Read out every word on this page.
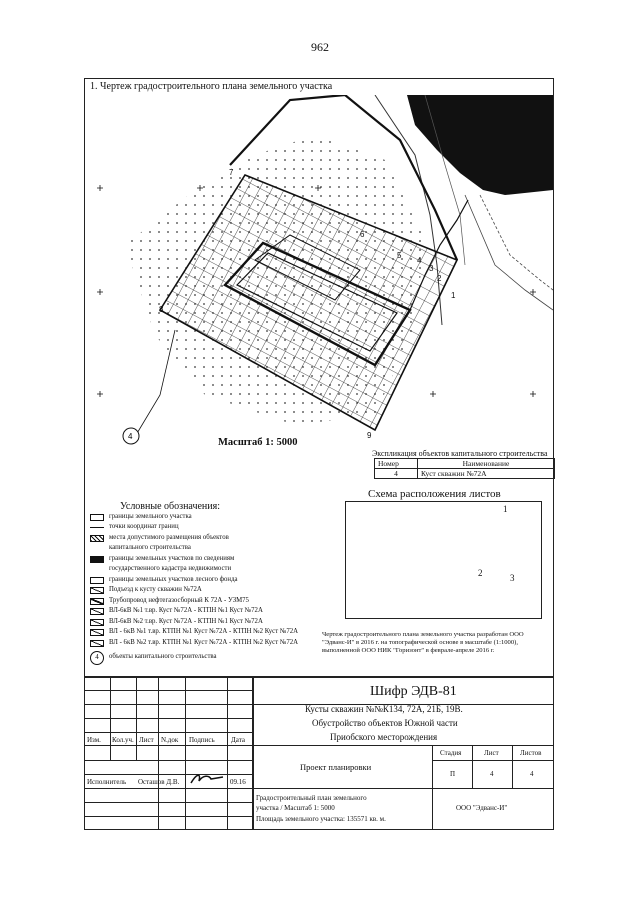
962
1. Чертеж градостроительного плана земельного участка
1
2
3
4
5
6
7
8
9
4
Масштаб 1: 5000
Экспликация объектов капитального строительства
Номер	Наименование
4	Куст скважин №72А
Условные обозначения:
границы земельного участка
точки координат границ
места допустимого размещения объектов
капитального строительства
границы земельных участков по сведениям
государственного кадастра недвижимости
границы земельных участков лесного фонда
Подъезд к кусту скважин №72А
Трубопровод нефтегазосборный К 72А - УЗМ75
ВЛ-6кВ №1 т.вр. Куст №72А - КТПН №1 Куст №72А
ВЛ-6кВ №2 т.вр. Куст №72А - КТПН №1 Куст №72А
ВЛ - 6кВ №1 т.вр. КТПН №1 Куст №72А - КТПН №2 Куст №72А
ВЛ - 6кВ №2 т.вр. КТПН №1 Куст №72А - КТПН №2 Куст №72А
4	объекты капитального строительства
Схема расположения листов
1
2	3
Чертеж градостроительного плана земельного участка разработан ООО "Эдванс-И" в 2016 г. на топографической основе в масштабе (1:1000), выполненной ООО НИК "Горизонт" в феврале-апреле 2016 г.
Изм. Кол.уч. Лист N.док Подпись Дата
Исполнитель Осташов Д.В.	09.16
Шифр ЭДВ-81
Кусты скважин №№К134, 72А, 21Б, 19В.
Обустройство объектов Южной части
Приобского месторождения
Проект планировки
Стадия	Лист	Листов
П	4	4
Градостроительный план земельного
участка / Масштаб 1: 5000
Площадь земельного участка: 135571 кв. м.
ООО "Эдванс-И"
